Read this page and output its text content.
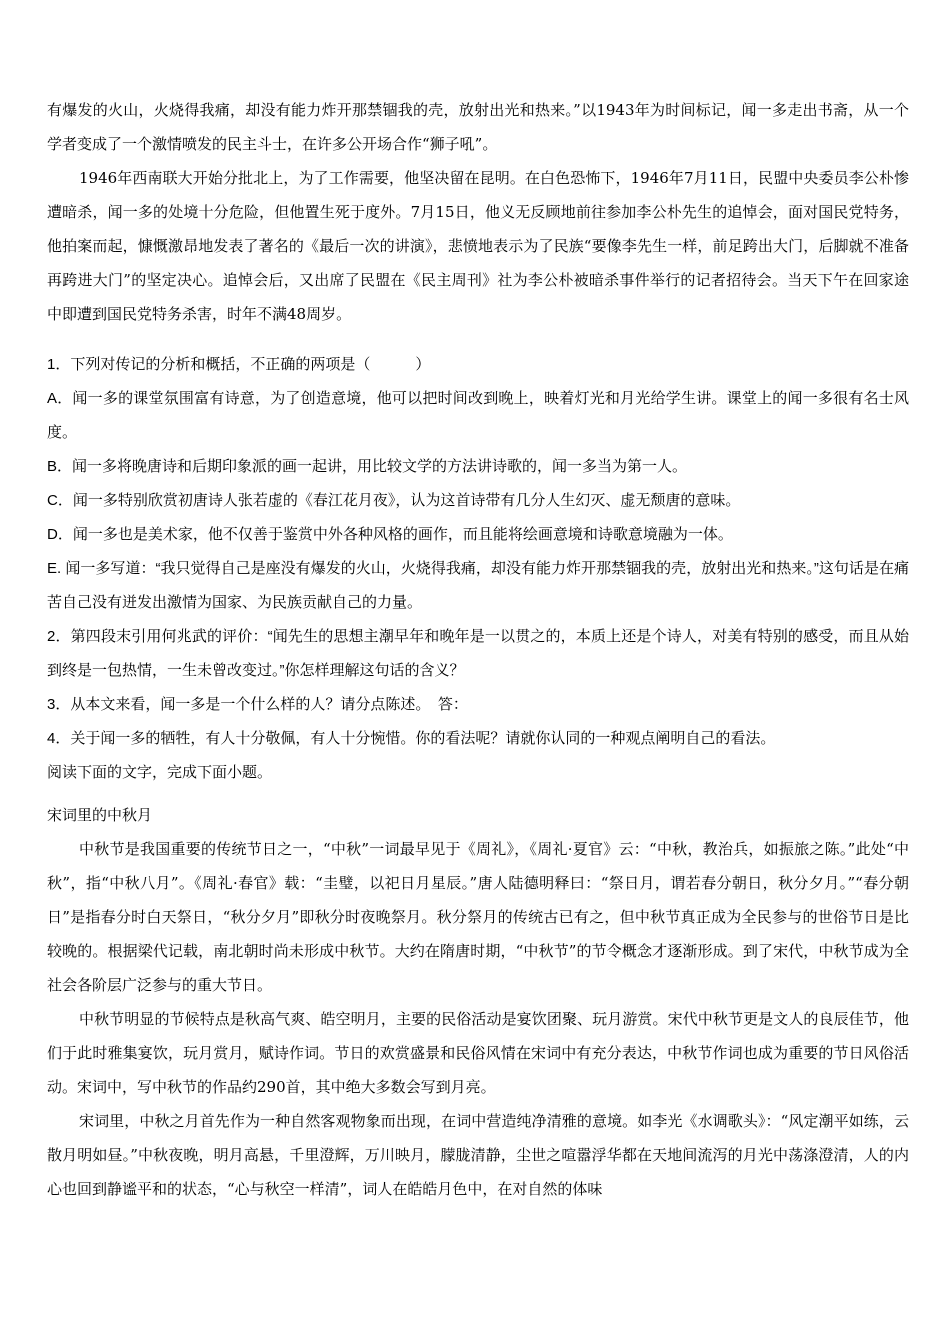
有爆发的火山，火烧得我痛，却没有能力炸开那禁锢我的壳，放射出光和热来。”以1943年为时间标记，闻一多走出书斋，从一个学者变成了一个激情喷发的民主斗士，在许多公开场合作“狮子吼”。

1946年西南联大开始分批北上，为了工作需要，他坚决留在昆明。在白色恐怖下，1946年7月11日，民盟中央委员李公朴惨遭暗杀，闻一多的处境十分危险，但他置生死于度外。7月15日，他义无反顾地前往参加李公朴先生的追悼会，面对国民党特务，他拍案而起，慷慨激昂地发表了著名的《最后一次的讲演》，悲愤地表示为了民族“要像李先生一样，前足跨出大门，后脚就不准备再跨进大门”的坚定决心。追悼会后，又出席了民盟在《民主周刊》社为李公朴被暗杀事件举行的记者招待会。当天下午在回家途中即遭到国民党特务杀害，时年不满48周岁。

1．下列对传记的分析和概括，不正确的两项是（　　　）

A．闻一多的课堂氛围富有诗意，为了创造意境，他可以把时间改到晚上，映着灯光和月光给学生讲。课堂上的闻一多很有名士风度。

B．闻一多将晚唐诗和后期印象派的画一起讲，用比较文学的方法讲诗歌的，闻一多当为第一人。

C．闻一多特别欣赏初唐诗人张若虚的《春江花月夜》，认为这首诗带有几分人生幻灭、虚无颓唐的意味。

D．闻一多也是美术家，他不仅善于鉴赏中外各种风格的画作，而且能将绘画意境和诗歌意境融为一体。

E. 闻一多写道：“我只觉得自己是座没有爆发的火山，火烧得我痛，却没有能力炸开那禁锢我的壳，放射出光和热来。”这句话是在痛苦自己没有迸发出激情为国家、为民族贡献自己的力量。

2．第四段末引用何兆武的评价：“闻先生的思想主潮早年和晚年是一以贯之的，本质上还是个诗人，对美有特别的感受，而且从始到终是一包热情，一生未曾改变过。”你怎样理解这句话的含义？

3．从本文来看，闻一多是一个什么样的人？请分点陈述。　答：

4．关于闻一多的牺牲，有人十分敬佩，有人十分惋惜。你的看法呢？请就你认同的一种观点阐明自己的看法。

阅读下面的文字，完成下面小题。

宋词里的中秋月

中秋节是我国重要的传统节日之一，“中秋”一词最早见于《周礼》，《周礼·夏官》云：“中秋，教治兵，如振旅之陈。”此处“中秋”，指“中秋八月”。《周礼·春官》载：“圭璧，以祀日月星辰。”唐人陆德明释曰：“祭日月，谓若春分朝日，秋分夕月。”“春分朝日”是指春分时白天祭日，“秋分夕月”即秋分时夜晚祭月。秋分祭月的传统古已有之，但中秋节真正成为全民参与的世俗节日是比较晚的。根据梁代记载，南北朝时尚未形成中秋节。大约在隋唐时期，“中秋节”的节令概念才逐渐形成。到了宋代，中秋节成为全社会各阶层广泛参与的重大节日。

中秋节明显的节候特点是秋高气爽、皓空明月，主要的民俗活动是宴饮团聚、玩月游赏。宋代中秋节更是文人的良辰佳节，他们于此时雅集宴饮，玩月赏月，赋诗作词。节日的欢赏盛景和民俗风情在宋词中有充分表达，中秋节作词也成为重要的节日风俗活动。宋词中，写中秋节的作品约290首，其中绝大多数会写到月亮。

宋词里，中秋之月首先作为一种自然客观物象而出现，在词中营造纯净清雅的意境。如李光《水调歌头》：“风定潮平如练，云散月明如昼。”中秋夜晚，明月高悬，千里澄辉，万川映月，朦胧清静，尘世之喧嚣浮华都在天地间流泻的月光中荡涤澄清，人的内心也回到静谧平和的状态，“心与秋空一样清”，词人在皓皓月色中，在对自然的体味
